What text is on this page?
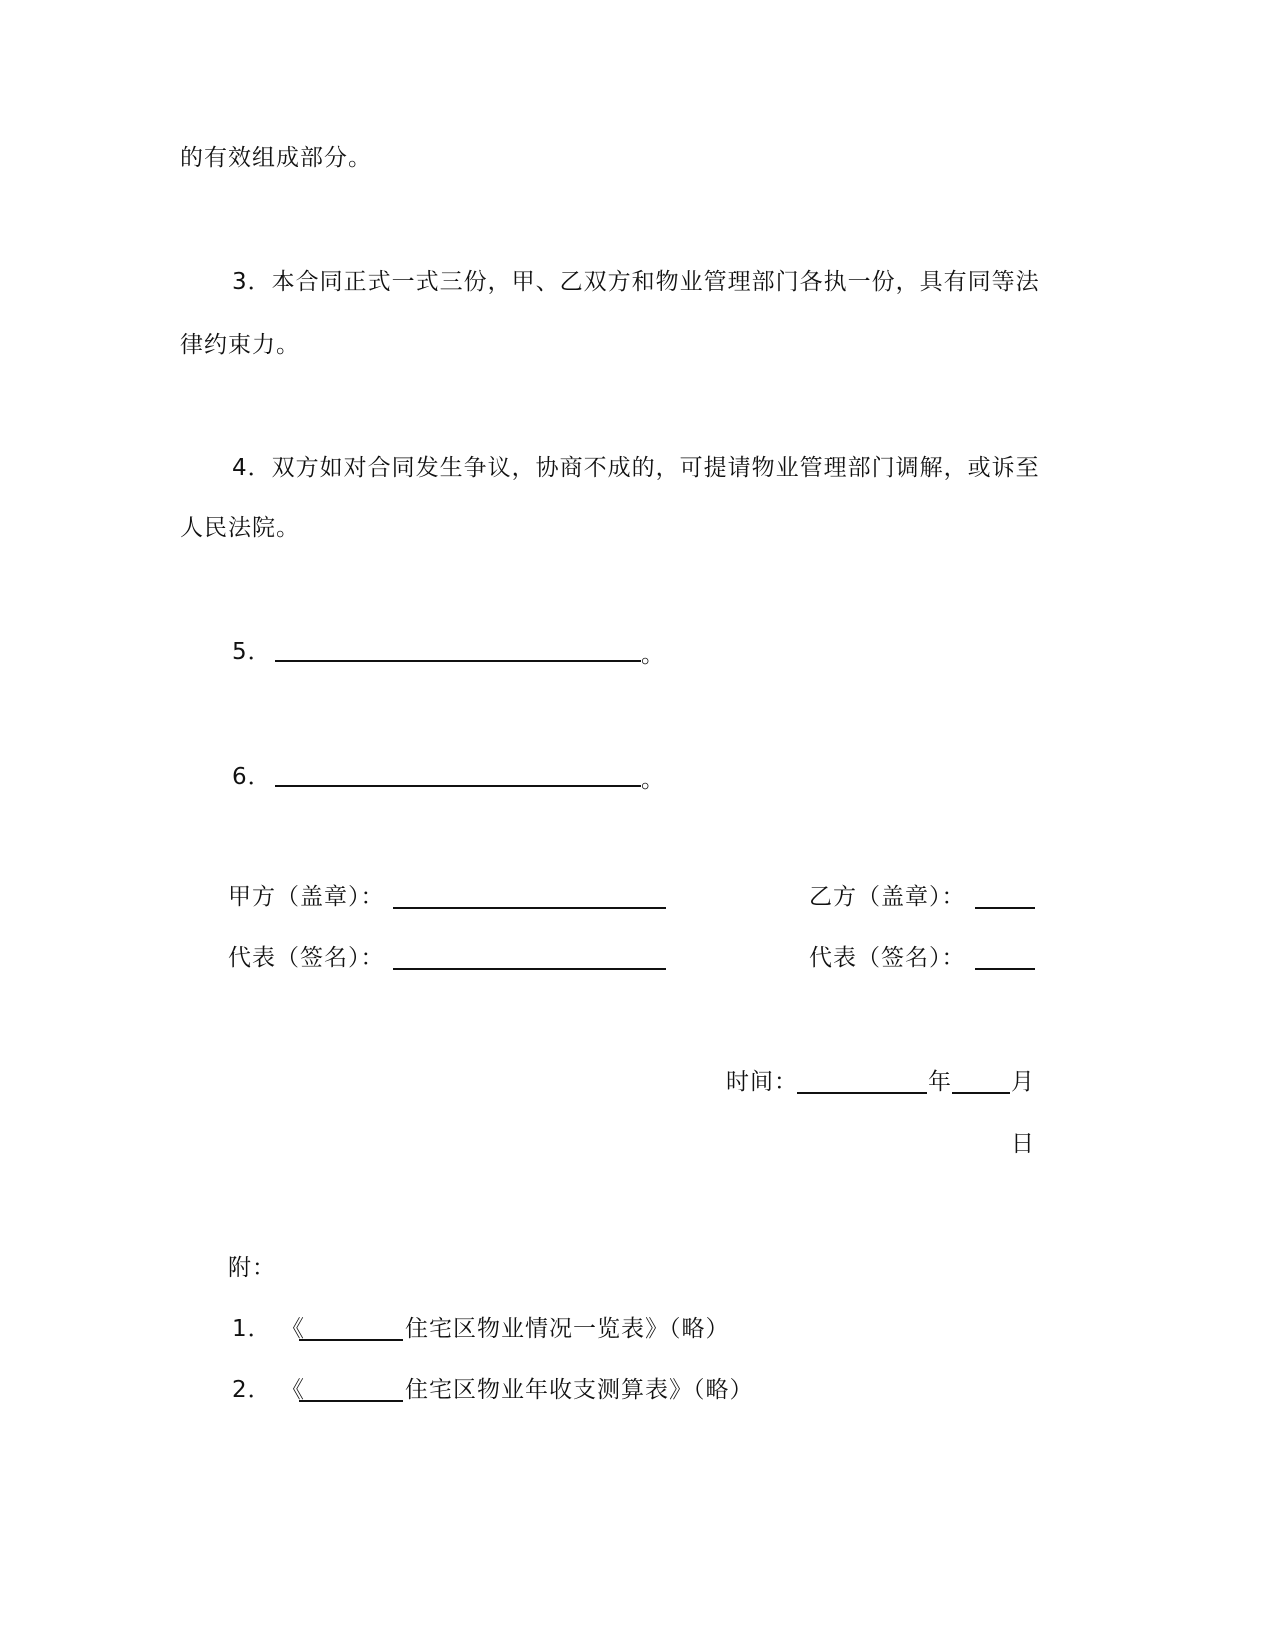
的有效组成部分。
3．本合同正式一式三份，甲、乙双方和物业管理部门各执一份，具有同等法
律约束力。
4．双方如对合同发生争议，协商不成的，可提请物业管理部门调解，或诉至
人民法院。
5．	。
6．	。
甲方（盖章）：	乙方（盖章）：
代表（签名）：	代表（签名）：
时间：	年	月
日
附：
1． 《	住宅区物业情况一览表》（略）
2． 《	住宅区物业年收支测算表》（略）
